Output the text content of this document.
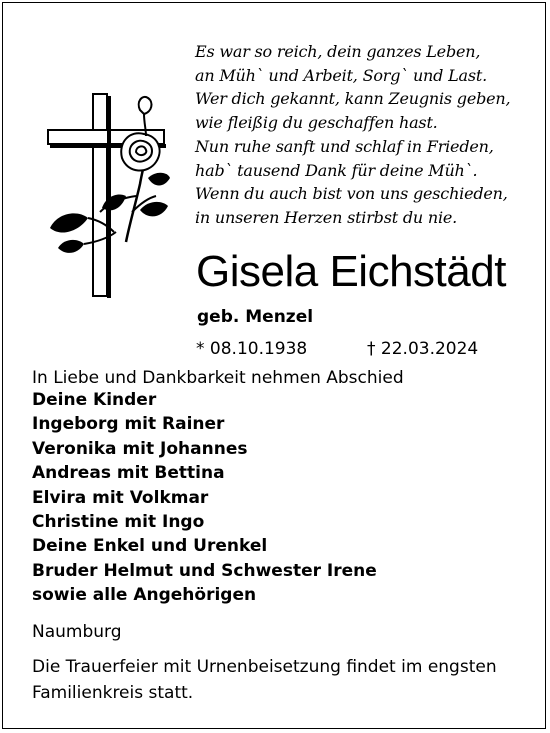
Es war so reich, dein ganzes Leben,
an Müh` und Arbeit, Sorg` und Last.
Wer dich gekannt, kann Zeugnis geben,
wie fleißig du geschaffen hast.
Nun ruhe sanft und schlaf in Frieden,
hab` tausend Dank für deine Müh`.
Wenn du auch bist von uns geschieden,
in unseren Herzen stirbst du nie.
Gisela Eichstädt
geb. Menzel
* 08.10.1938	† 22.03.2024
In Liebe und Dankbarkeit nehmen Abschied
Deine Kinder
Ingeborg mit Rainer
Veronika mit Johannes
Andreas mit Bettina
Elvira mit Volkmar
Christine mit Ingo
Deine Enkel und Urenkel
Bruder Helmut und Schwester Irene
sowie alle Angehörigen
Naumburg
Die Trauerfeier mit Urnenbeisetzung findet im engsten Familienkreis statt.
